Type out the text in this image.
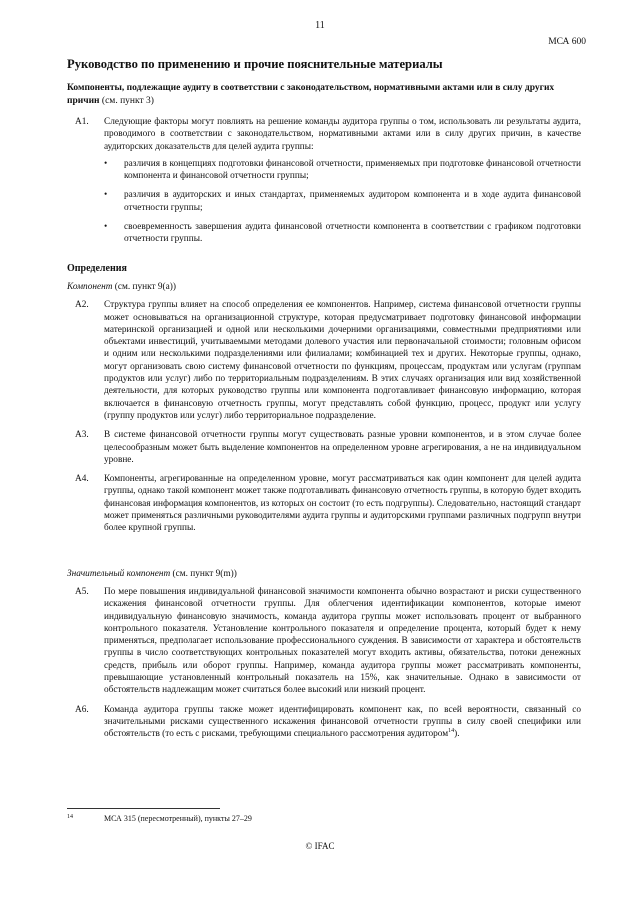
11
МСА 600
Руководство по применению и прочие пояснительные материалы

Компоненты, подлежащие аудиту в соответствии с законодательством, нормативными актами или в силу других причин (см. пункт 3)

A1.	Следующие факторы могут повлиять на решение команды аудитора группы о том, использовать ли результаты аудита, проводимого в соответствии с законодательством, нормативными актами или в силу других причин, в качестве аудиторских доказательств для целей аудита группы:
•	различия в концепциях подготовки финансовой отчетности, применяемых при подготовке финансовой отчетности компонента и финансовой отчетности группы;
•	различия в аудиторских и иных стандартах, применяемых аудитором компонента и в ходе аудита финансовой отчетности группы;
•	своевременность завершения аудита финансовой отчетности компонента в соответствии с графиком подготовки отчетности группы.
Определения
Компонент (см. пункт 9(а))
A2.	Структура группы влияет на способ определения ее компонентов. Например, система финансовой отчетности группы может основываться на организационной структуре, которая предусматривает подготовку финансовой информации материнской организацией и одной или несколькими дочерними организациями, совместными предприятиями или объектами инвестиций, учитываемыми методами долевого участия или первоначальной стоимости; головным офисом и одним или несколькими подразделениями или филиалами; комбинацией тех и других. Некоторые группы, однако, могут организовать свою систему финансовой отчетности по функциям, процессам, продуктам или услугам (группам продуктов или услуг) либо по территориальным подразделениям. В этих случаях организация или вид хозяйственной деятельности, для которых руководство группы или компонента подготавливает финансовую информацию, которая включается в финансовую отчетность группы, могут представлять собой функцию, процесс, продукт или услугу (группу продуктов или услуг) либо территориальное подразделение.
A3.	В системе финансовой отчетности группы могут существовать разные уровни компонентов, и в этом случае более целесообразным может быть выделение компонентов на определенном уровне агрегирования, а не на индивидуальном уровне.
A4.	Компоненты, агрегированные на определенном уровне, могут рассматриваться как один компонент для целей аудита группы, однако такой компонент может также подготавливать финансовую отчетность группы, в которую будет входить финансовая информация компонентов, из которых он состоит (то есть подгруппы). Следовательно, настоящий стандарт может применяться различными руководителями аудита группы и аудиторскими группами различных подгрупп внутри более крупной группы.
Значительный компонент (см. пункт 9(m))
A5.	По мере повышения индивидуальной финансовой значимости компонента обычно возрастают и риски существенного искажения финансовой отчетности группы. Для облегчения идентификации компонентов, которые имеют индивидуальную финансовую значимость, команда аудитора группы может использовать процент от выбранного контрольного показателя. Установление контрольного показателя и определение процента, который будет к нему применяться, предполагает использование профессионального суждения. В зависимости от характера и обстоятельств группы в число соответствующих контрольных показателей могут входить активы, обязательства, потоки денежных средств, прибыль или оборот группы. Например, команда аудитора группы может рассматривать компоненты, превышающие установленный контрольный показатель на 15%, как значительные. Однако в зависимости от обстоятельств надлежащим может считаться более высокий или низкий процент.
A6.	Команда аудитора группы также может идентифицировать компонент как, по всей вероятности, связанный со значительными рисками существенного искажения финансовой отчетности группы в силу своей специфики или обстоятельств (то есть с рисками, требующими специального рассмотрения аудитором$^{14}$).
14	МСА 315 (пересмотренный), пункты 27–29
© IFAC
